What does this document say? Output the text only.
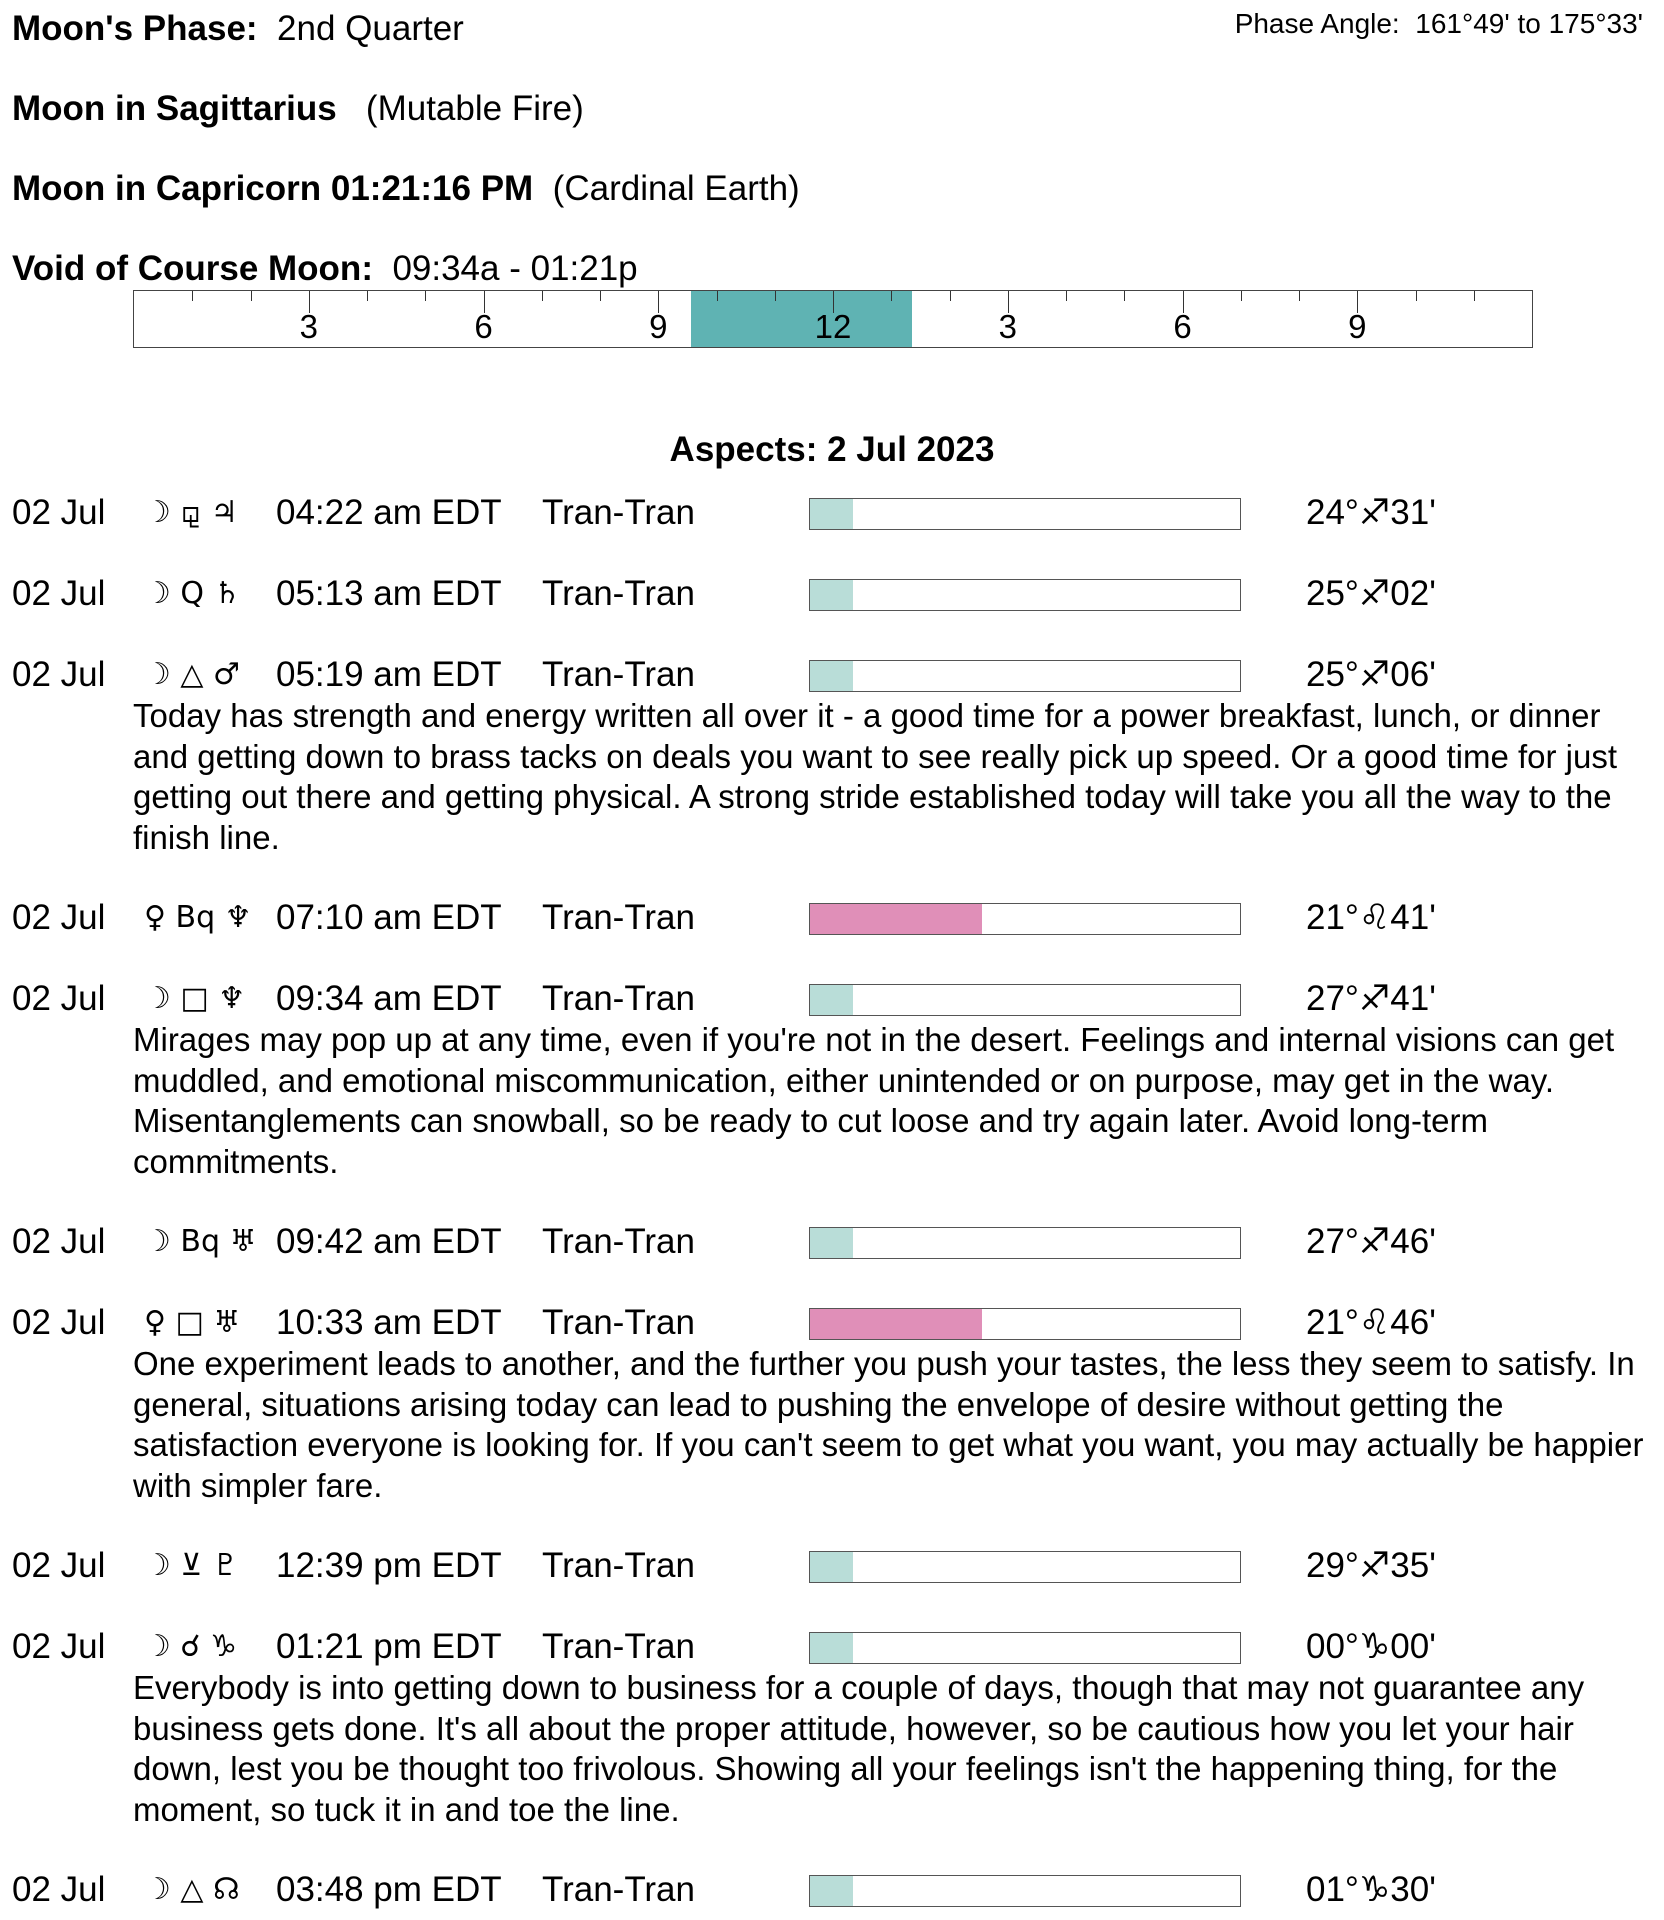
Moon's Phase: 2nd Quarter	Phase Angle: 161°49' to 175°33'
Moon in Sagittarius (Mutable Fire)
Moon in Capricorn 01:21:16 PM (Cardinal Earth)
Void of Course Moon: 09:34a - 01:21p
3	6	9	12	3	6	9
Aspects: 2 Jul 2023
02 Jul ☽ ⚼ ♃ 04:22 am EDT Tran-Tran	24°♐31'
02 Jul ☽ Q ♄ 05:13 am EDT Tran-Tran	25°♐02'
02 Jul ☽ △ ♂ 05:19 am EDT Tran-Tran	25°♐06'
Today has strength and energy written all over it - a good time for a power breakfast, lunch, or dinner and getting down to brass tacks on deals you want to see really pick up speed. Or a good time for just getting out there and getting physical. A strong stride established today will take you all the way to the finish line.
02 Jul ♀ Bq ♆ 07:10 am EDT Tran-Tran	21°♌41'
02 Jul ☽ □ ♆ 09:34 am EDT Tran-Tran	27°♐41'
Mirages may pop up at any time, even if you're not in the desert. Feelings and internal visions can get muddled, and emotional miscommunication, either unintended or on purpose, may get in the way. Misentanglements can snowball, so be ready to cut loose and try again later. Avoid long-term commitments.
02 Jul ☽ Bq ♅ 09:42 am EDT Tran-Tran	27°♐46'
02 Jul ♀ □ ♅ 10:33 am EDT Tran-Tran	21°♌46'
One experiment leads to another, and the further you push your tastes, the less they seem to satisfy. In general, situations arising today can lead to pushing the envelope of desire without getting the satisfaction everyone is looking for. If you can't seem to get what you want, you may actually be happier with simpler fare.
02 Jul ☽ ⊻ ♇ 12:39 pm EDT Tran-Tran	29°♐35'
02 Jul ☽ ☌ ♑ 01:21 pm EDT Tran-Tran	00°♑00'
Everybody is into getting down to business for a couple of days, though that may not guarantee any business gets done. It's all about the proper attitude, however, so be cautious how you let your hair down, lest you be thought too frivolous. Showing all your feelings isn't the happening thing, for the moment, so tuck it in and toe the line.
02 Jul ☽ △ ☊ 03:48 pm EDT Tran-Tran	01°♑30'
